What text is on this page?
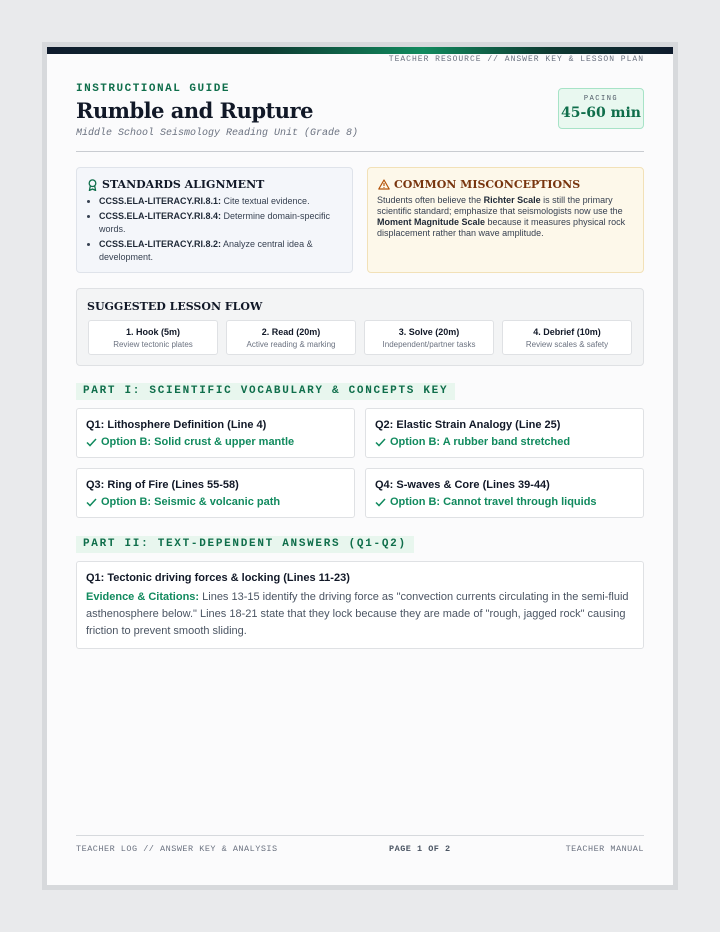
TEACHER RESOURCE // ANSWER KEY & LESSON PLAN
INSTRUCTIONAL GUIDE
Rumble and Rupture
Middle School Seismology Reading Unit (Grade 8)
PACING
45-60 min
STANDARDS ALIGNMENT
CCSS.ELA-LITERACY.RI.8.1: Cite textual evidence.
CCSS.ELA-LITERACY.RI.8.4: Determine domain-specific words.
CCSS.ELA-LITERACY.RI.8.2: Analyze central idea & development.
COMMON MISCONCEPTIONS
Students often believe the Richter Scale is still the primary scientific standard; emphasize that seismologists now use the Moment Magnitude Scale because it measures physical rock displacement rather than wave amplitude.
SUGGESTED LESSON FLOW
1. Hook (5m)
Review tectonic plates
2. Read (20m)
Active reading & marking
3. Solve (20m)
Independent/partner tasks
4. Debrief (10m)
Review scales & safety
PART I: SCIENTIFIC VOCABULARY & CONCEPTS KEY
Q1: Lithosphere Definition (Line 4)
Option B: Solid crust & upper mantle
Q2: Elastic Strain Analogy (Line 25)
Option B: A rubber band stretched
Q3: Ring of Fire (Lines 55-58)
Option B: Seismic & volcanic path
Q4: S-waves & Core (Lines 39-44)
Option B: Cannot travel through liquids
PART II: TEXT-DEPENDENT ANSWERS (Q1-Q2)
Q1: Tectonic driving forces & locking (Lines 11-23)
Evidence & Citations: Lines 13-15 identify the driving force as "convection currents circulating in the semi-fluid asthenosphere below." Lines 18-21 state that they lock because they are made of "rough, jagged rock" causing friction to prevent smooth sliding.
TEACHER LOG // ANSWER KEY & ANALYSIS	PAGE 1 OF 2	TEACHER MANUAL
